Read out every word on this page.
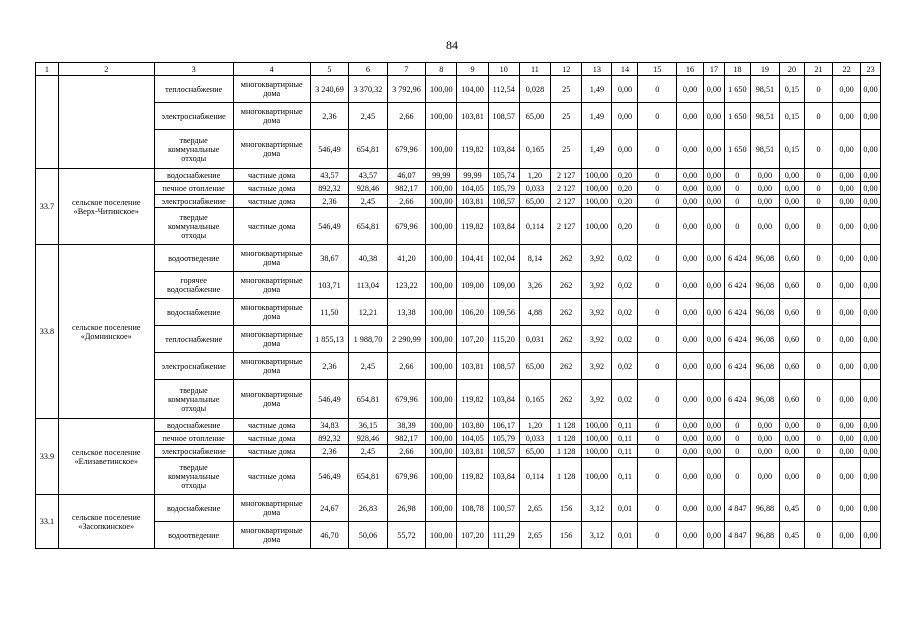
84
1	2	3	4	5	6	7	8	9	10	11	12	13	14	15	16	17	18	19	20	21	22	23
		теплоснабжение	многоквартирные дома	3 240,69	3 370,32	3 792,96	100,00	104,00	112,54	0,028	25	1,49	0,00	0	0,00	0,00	1 650	98,51	0,15	0	0,00	0,00
		электроснабжение	многоквартирные дома	2,36	2,45	2,66	100,00	103,81	108,57	65,00	25	1,49	0,00	0	0,00	0,00	1 650	98,51	0,15	0	0,00	0,00
		твердые коммунальные отходы	многоквартирные дома	546,49	654,81	679,96	100,00	119,82	103,84	0,165	25	1,49	0,00	0	0,00	0,00	1 650	98,51	0,15	0	0,00	0,00
33.7	сельское поселение «Верх-Читинское»	водоснабжение	частные дома	43,57	43,57	46,07	99,99	99,99	105,74	1,20	2 127	100,00	0,20	0	0,00	0,00	0	0,00	0,00	0	0,00	0,00
		печное отопление	частные дома	892,32	928,46	982,17	100,00	104,05	105,79	0,033	2 127	100,00	0,20	0	0,00	0,00	0	0,00	0,00	0	0,00	0,00
		электроснабжение	частные дома	2,36	2,45	2,66	100,00	103,81	108,57	65,00	2 127	100,00	0,20	0	0,00	0,00	0	0,00	0,00	0	0,00	0,00
		твердые коммунальные отходы	частные дома	546,49	654,81	679,96	100,00	119,82	103,84	0,114	2 127	100,00	0,20	0	0,00	0,00	0	0,00	0,00	0	0,00	0,00
33.8	сельское поселение «Домнинское»	водоотведение	многоквартирные дома	38,67	40,38	41,20	100,00	104,41	102,04	8,14	262	3,92	0,02	0	0,00	0,00	6 424	96,08	0,60	0	0,00	0,00
		горячее водоснабжение	многоквартирные дома	103,71	113,04	123,22	100,00	109,00	109,00	3,26	262	3,92	0,02	0	0,00	0,00	6 424	96,08	0,60	0	0,00	0,00
		водоснабжение	многоквартирные дома	11,50	12,21	13,38	100,00	106,20	109,56	4,88	262	3,92	0,02	0	0,00	0,00	6 424	96,08	0,60	0	0,00	0,00
		теплоснабжение	многоквартирные дома	1 855,13	1 988,70	2 290,99	100,00	107,20	115,20	0,031	262	3,92	0,02	0	0,00	0,00	6 424	96,08	0,60	0	0,00	0,00
		электроснабжение	многоквартирные дома	2,36	2,45	2,66	100,00	103,81	108,57	65,00	262	3,92	0,02	0	0,00	0,00	6 424	96,08	0,60	0	0,00	0,00
		твердые коммунальные отходы	многоквартирные дома	546,49	654,81	679,96	100,00	119,82	103,84	0,165	262	3,92	0,02	0	0,00	0,00	6 424	96,08	0,60	0	0,00	0,00
33.9	сельское поселение «Елизаветинское»	водоснабжение	частные дома	34,83	36,15	38,39	100,00	103,80	106,17	1,20	1 128	100,00	0,11	0	0,00	0,00	0	0,00	0,00	0	0,00	0,00
		печное отопление	частные дома	892,32	928,46	982,17	100,00	104,05	105,79	0,033	1 128	100,00	0,11	0	0,00	0,00	0	0,00	0,00	0	0,00	0,00
		электроснабжение	частные дома	2,36	2,45	2,66	100,00	103,81	108,57	65,00	1 128	100,00	0,11	0	0,00	0,00	0	0,00	0,00	0	0,00	0,00
		твердые коммунальные отходы	частные дома	546,49	654,81	679,96	100,00	119,82	103,84	0,114	1 128	100,00	0,11	0	0,00	0,00	0	0,00	0,00	0	0,00	0,00
33.1	сельское поселение «Засопкинское»	водоснабжение	многоквартирные дома	24,67	26,83	26,98	100,00	108,78	100,57	2,65	156	3,12	0,01	0	0,00	0,00	4 847	96,88	0,45	0	0,00	0,00
		водоотведение	многоквартирные дома	46,70	50,06	55,72	100,00	107,20	111,29	2,65	156	3,12	0,01	0	0,00	0,00	4 847	96,88	0,45	0	0,00	0,00
